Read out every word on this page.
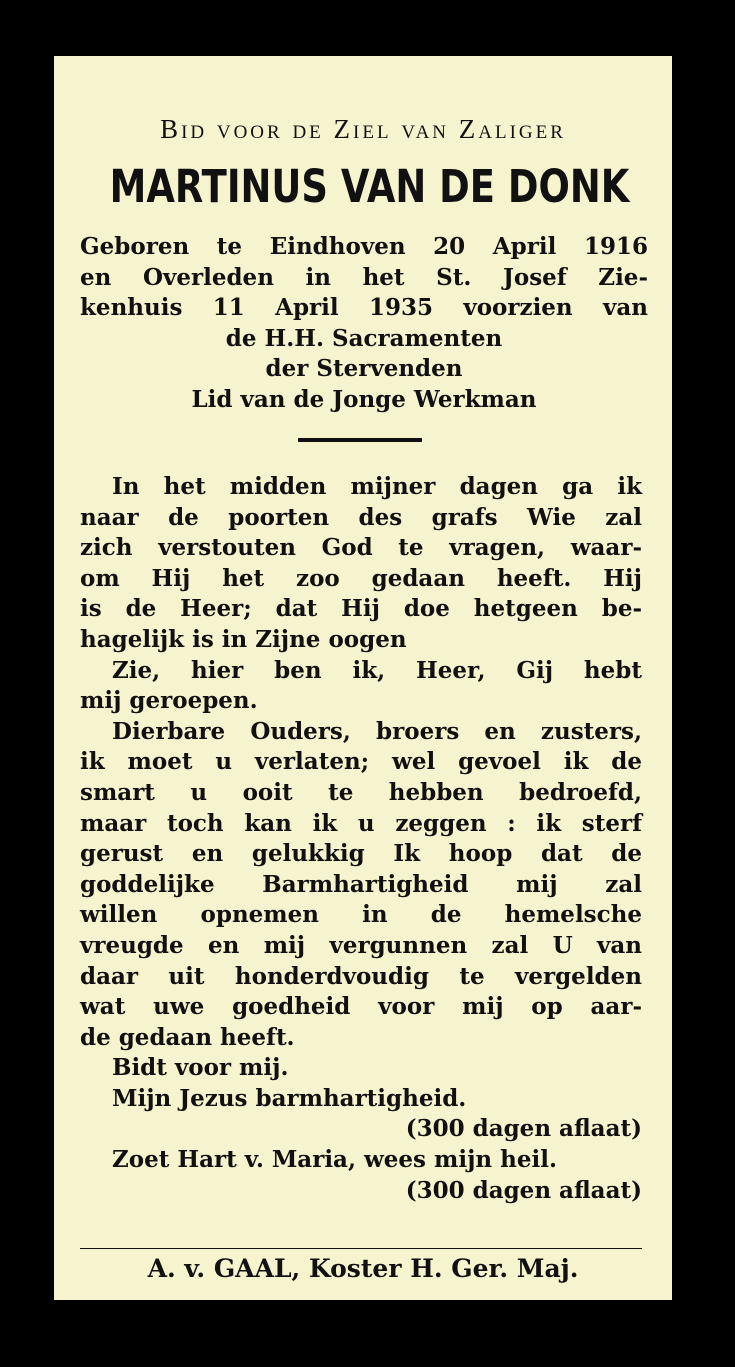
Bid voor de Ziel van Zaliger

MARTINUS VAN DE DONK

Geboren te Eindhoven 20 April 1916
en Overleden in het St. Josef Zie-
kenhuis 11 April 1935 voorzien van
de H.H. Sacramenten
der Stervenden
Lid van de Jonge Werkman
In het midden mijner dagen ga ik
naar de poorten des grafs Wie zal
zich verstouten God te vragen, waar-
om Hij het zoo gedaan heeft. Hij
is de Heer; dat Hij doe hetgeen be-
hagelijk is in Zijne oogen
Zie, hier ben ik, Heer, Gij hebt
mij geroepen.
Dierbare Ouders, broers en zusters,
ik moet u verlaten; wel gevoel ik de
smart u ooit te hebben bedroefd,
maar toch kan ik u zeggen : ik sterf
gerust en gelukkig Ik hoop dat de
goddelijke Barmhartigheid mij zal
willen opnemen in de hemelsche
vreugde en mij vergunnen zal U van
daar uit honderdvoudig te vergelden
wat uwe goedheid voor mij op aar-
de gedaan heeft.
Bidt voor mij.
Mijn Jezus barmhartigheid.
(300 dagen aflaat)
Zoet Hart v. Maria, wees mijn heil.
(300 dagen aflaat)

A. v. GAAL, Koster H. Ger. Maj.
